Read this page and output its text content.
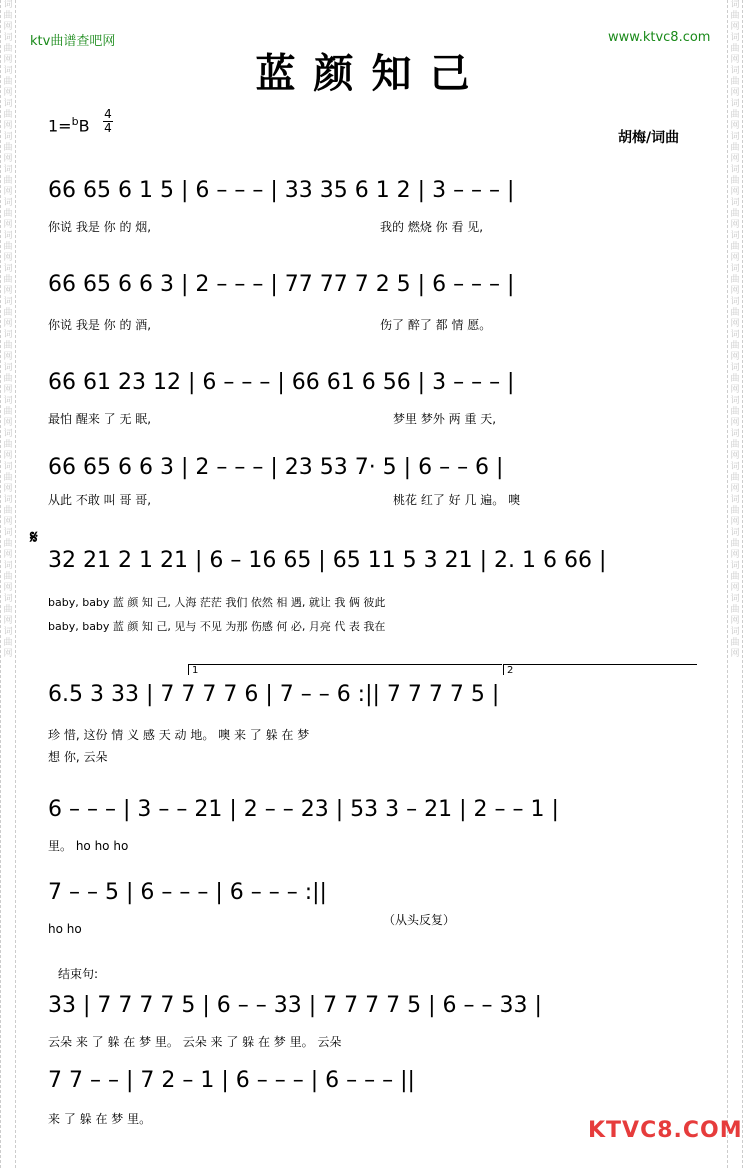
词曲网词曲网词曲网词曲网词曲网词曲网词曲网词曲网词曲网词曲网词曲网词曲网词曲网词曲网词曲网词曲网词曲网词曲网词曲网词曲网
词曲网词曲网词曲网词曲网词曲网词曲网词曲网词曲网词曲网词曲网词曲网词曲网词曲网词曲网词曲网词曲网词曲网词曲网词曲网词曲网
ktv曲谱查吧网	www.ktvc8.com
蓝颜知己
1=$^b$B
4
4
胡梅/词曲
𝄋
66 65 6 1 5 | 6 – – – | 33 35 6 1 2 | 3 – – – |
你说 我是 你 的 烟,	我的 燃烧 你 看 见,
66 65 6 6 3 | 2 – – – | 77 77 7 2 5 | 6 – – – |
你说 我是 你 的 酒,	伤了 醉了 都 情 愿。
66 61 23 12 | 6 – – – | 66 61 6 56 | 3 – – – |
最怕 醒来 了 无 眠,	梦里 梦外 两 重 天,
66 65 6 6 3 | 2 – – – | 23 53 7· 5 | 6 – – 6 |
从此 不敢 叫 哥 哥,	桃花 红了 好 几 遍。 噢
32 21 2 1 21 | 6 – 16 65 | 65 11 5 3 21 | 2. 1 6 66 |
baby, baby 蓝 颜 知 己, 人海 茫茫 我们 依然 相 遇, 就让 我 俩 彼此
baby, baby 蓝 颜 知 己, 见与 不见 为那 伤感 何 必, 月亮 代 表 我在
1	2
6.5 3 33 | 7 7 7 7 6 | 7 – – 6 :|| 7 7 7 7 5 |
珍 惜, 这份 情 义 感 天 动 地。 噢 来 了 躲 在 梦
想 你, 云朵
6 – – – | 3 – – 21 | 2 – – 23 | 53 3 – 21 | 2 – – 1 |
里。 ho ho ho
7 – – 5 | 6 – – – | 6 – – – :||
ho ho
（从头反复）
结束句:
33 | 7 7 7 7 5 | 6 – – 33 | 7 7 7 7 5 | 6 – – 33 |
云朵 来 了 躲 在 梦 里。 云朵 来 了 躲 在 梦 里。 云朵
7 7 – – | 7 2 – 1 | 6 – – – | 6 – – – ||
来 了 躲 在 梦 里。	KTVC8.COM
